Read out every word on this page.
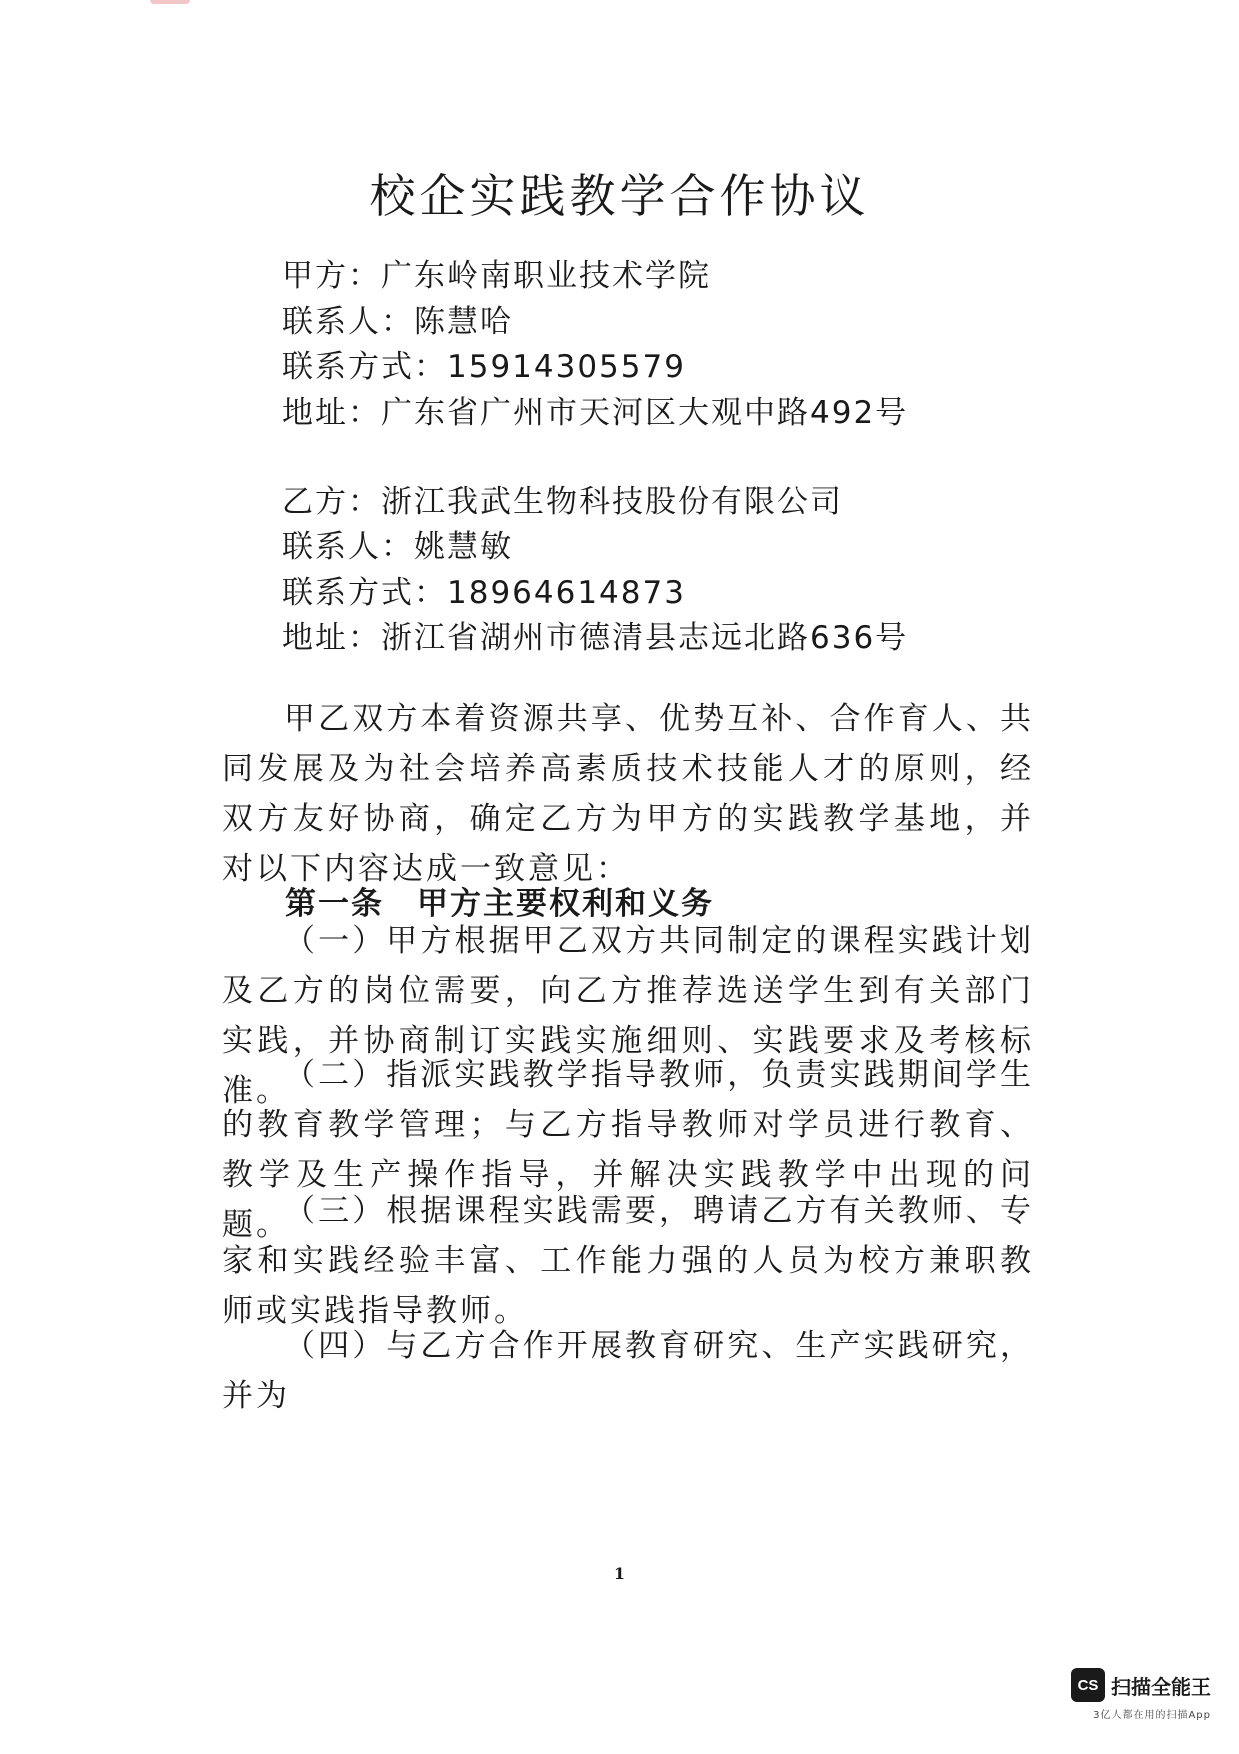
校企实践教学合作协议
甲方：广东岭南职业技术学院
联系人：陈慧哈
联系方式：15914305579
地址：广东省广州市天河区大观中路492号
乙方：浙江我武生物科技股份有限公司
联系人：姚慧敏
联系方式：18964614873
地址：浙江省湖州市德清县志远北路636号

甲乙双方本着资源共享、优势互补、合作育人、共同发展及为社会培养高素质技术技能人才的原则，经双方友好协商，确定乙方为甲方的实践教学基地，并对以下内容达成一致意见：

第一条　甲方主要权利和义务

（一）甲方根据甲乙双方共同制定的课程实践计划及乙方的岗位需要，向乙方推荐选送学生到有关部门实践，并协商制订实践实施细则、实践要求及考核标准。

（二）指派实践教学指导教师，负责实践期间学生的教育教学管理；与乙方指导教师对学员进行教育、教学及生产操作指导，并解决实践教学中出现的问题。

（三）根据课程实践需要，聘请乙方有关教师、专家和实践经验丰富、工作能力强的人员为校方兼职教师或实践指导教师。

（四）与乙方合作开展教育研究、生产实践研究，并为

1
CS 扫描全能王
3亿人都在用的扫描App
